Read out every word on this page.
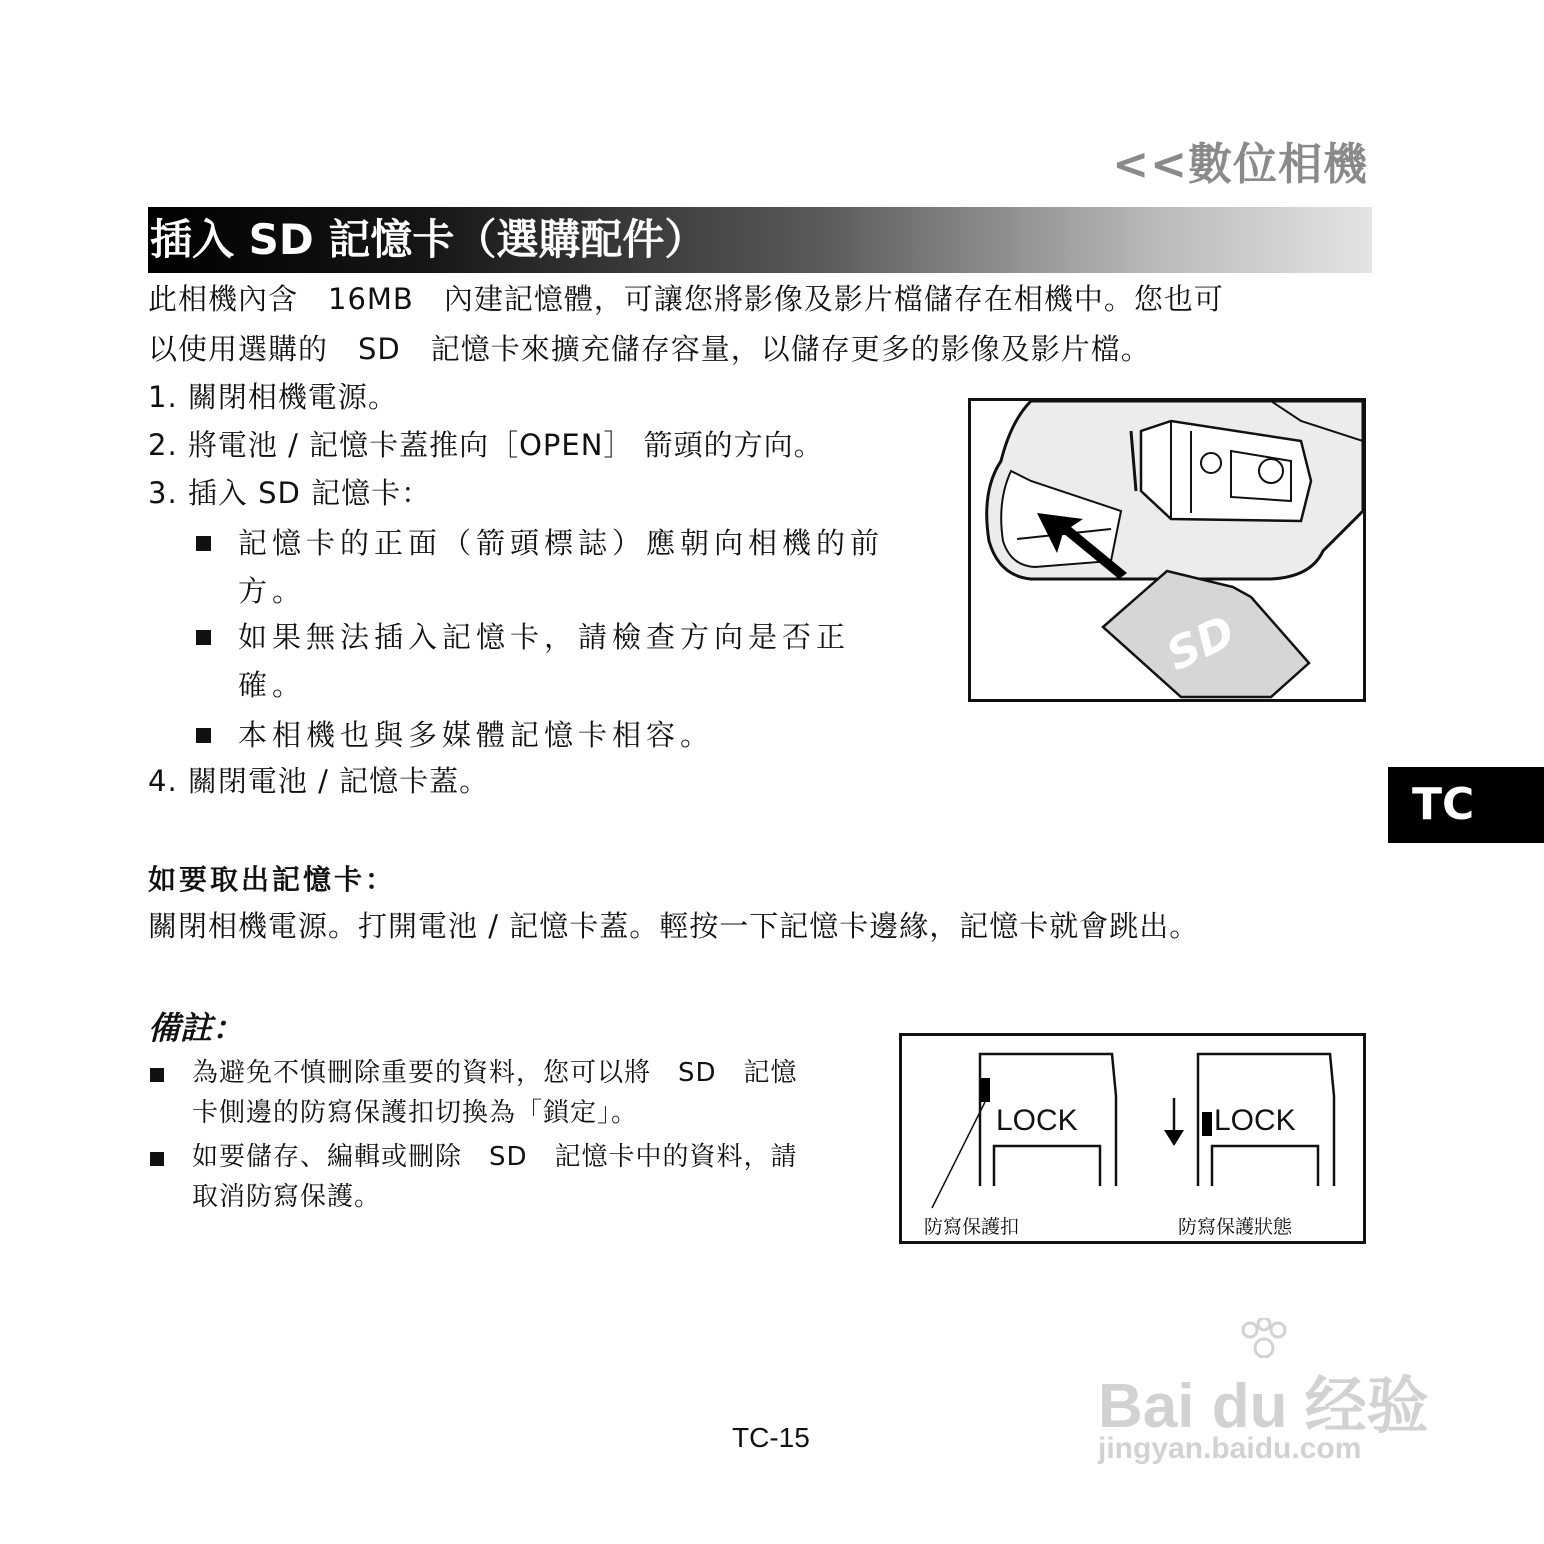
<<數位相機
插入 SD 記憶卡（選購配件）
此相機內含　16MB　內建記憶體，可讓您將影像及影片檔儲存在相機中。您也可
以使用選購的　SD　記憶卡來擴充儲存容量，以儲存更多的影像及影片檔。
1. 關閉相機電源。
2. 將電池 / 記憶卡蓋推向［OPEN］ 箭頭的方向。
3. 插入 SD 記憶卡：
記憶卡的正面（箭頭標誌）應朝向相機的前
方。
如果無法插入記憶卡，請檢查方向是否正
確。
本相機也與多媒體記憶卡相容。
4. 關閉電池 / 記憶卡蓋。
SD
TC
如要取出記憶卡：
關閉相機電源。打開電池 / 記憶卡蓋。輕按一下記憶卡邊緣，記憶卡就會跳出。
備註：
為避免不慎刪除重要的資料，您可以將　SD　記憶
卡側邊的防寫保護扣切換為「鎖定」。
如要儲存、編輯或刪除　SD　記憶卡中的資料，請
取消防寫保護。
LOCK	LOCK
防寫保護扣	防寫保護狀態
TC-15	Bai du 经验
jingyan.baidu.com
